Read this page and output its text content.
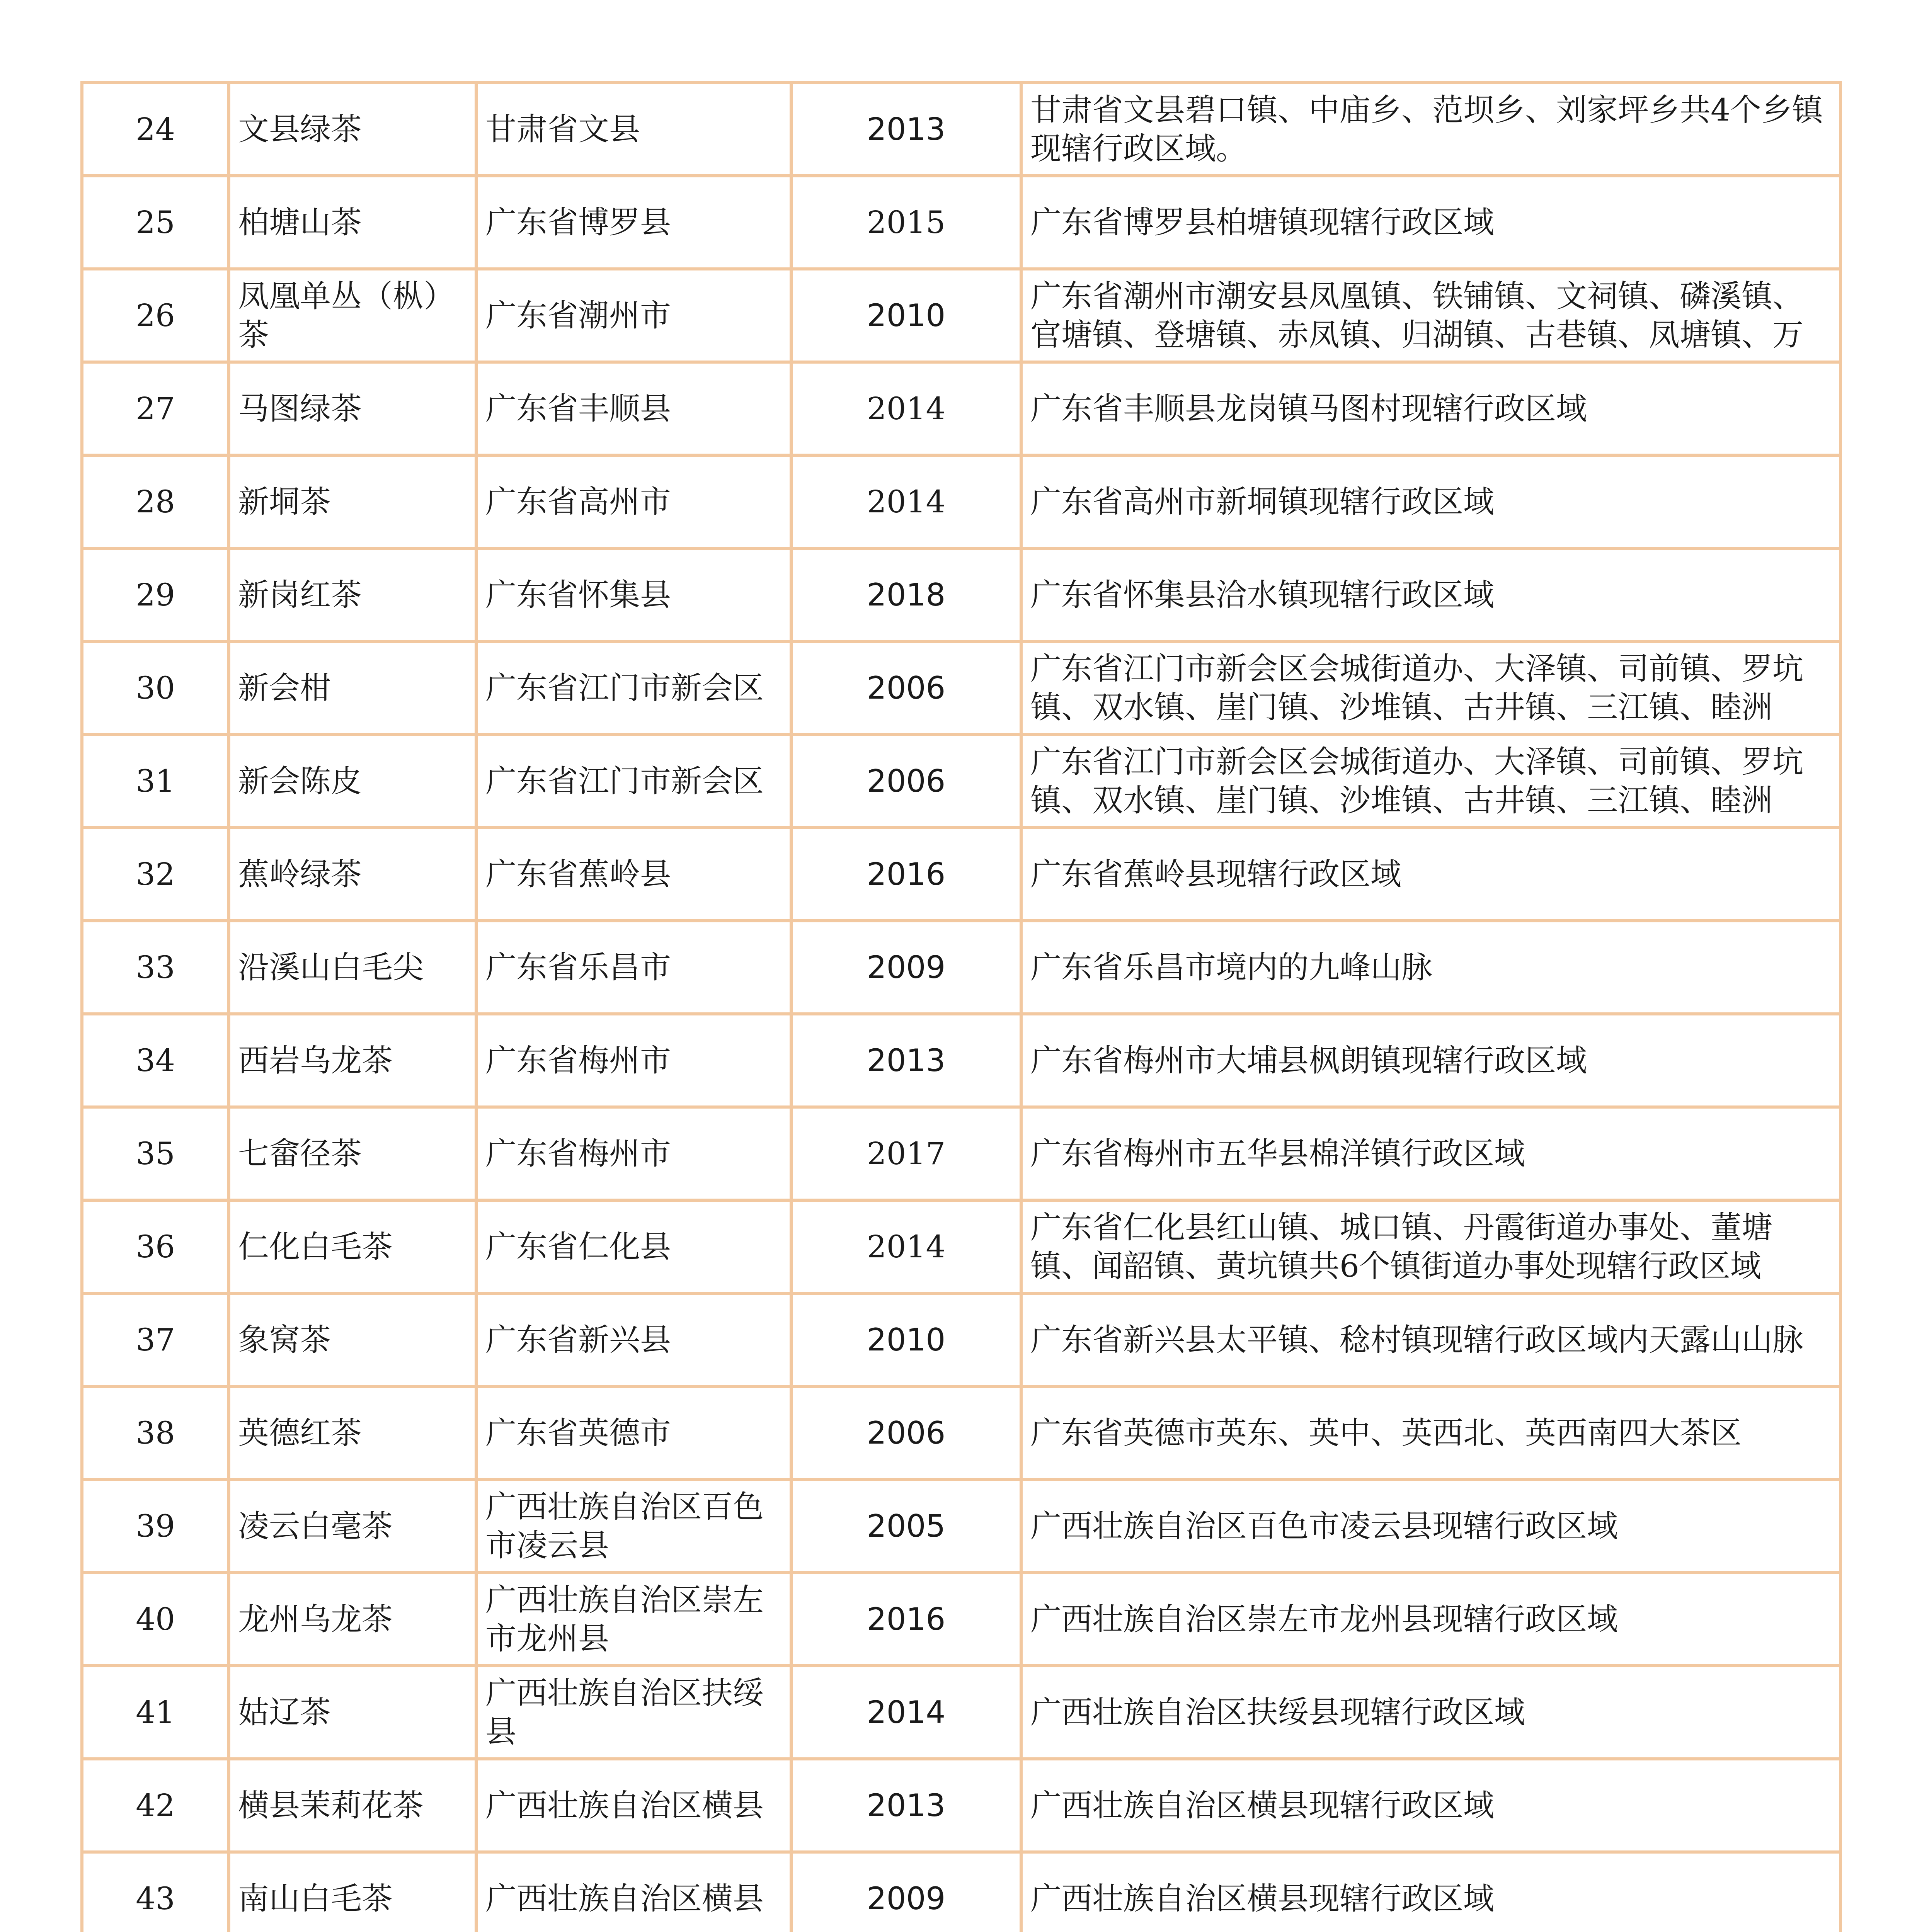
24	文县绿茶	甘肃省文县	2013	甘肃省文县碧口镇、中庙乡、范坝乡、刘家坪乡共4个乡镇现辖行政区域。

25	柏塘山茶	广东省博罗县	2015	广东省博罗县柏塘镇现辖行政区域

26	凤凰单丛（枞）茶	广东省潮州市	2010	广东省潮州市潮安县凤凰镇、铁铺镇、文祠镇、磷溪镇、官塘镇、登塘镇、赤凤镇、归湖镇、古巷镇、凤塘镇、万

27	马图绿茶	广东省丰顺县	2014	广东省丰顺县龙岗镇马图村现辖行政区域

28	新垌茶	广东省高州市	2014	广东省高州市新垌镇现辖行政区域

29	新岗红茶	广东省怀集县	2018	广东省怀集县洽水镇现辖行政区域

30	新会柑	广东省江门市新会区	2006	广东省江门市新会区会城街道办、大泽镇、司前镇、罗坑镇、双水镇、崖门镇、沙堆镇、古井镇、三江镇、睦洲

31	新会陈皮	广东省江门市新会区	2006	广东省江门市新会区会城街道办、大泽镇、司前镇、罗坑镇、双水镇、崖门镇、沙堆镇、古井镇、三江镇、睦洲

32	蕉岭绿茶	广东省蕉岭县	2016	广东省蕉岭县现辖行政区域

33	沿溪山白毛尖	广东省乐昌市	2009	广东省乐昌市境内的九峰山脉

34	西岩乌龙茶	广东省梅州市	2013	广东省梅州市大埔县枫朗镇现辖行政区域

35	七畲径茶	广东省梅州市	2017	广东省梅州市五华县棉洋镇行政区域

36	仁化白毛茶	广东省仁化县	2014	广东省仁化县红山镇、城口镇、丹霞街道办事处、董塘镇、闻韶镇、黄坑镇共6个镇街道办事处现辖行政区域

37	象窝茶	广东省新兴县	2010	广东省新兴县太平镇、稔村镇现辖行政区域内天露山山脉

38	英德红茶	广东省英德市	2006	广东省英德市英东、英中、英西北、英西南四大茶区

39	凌云白毫茶	广西壮族自治区百色市凌云县	2005	广西壮族自治区百色市凌云县现辖行政区域

40	龙州乌龙茶	广西壮族自治区崇左市龙州县	2016	广西壮族自治区崇左市龙州县现辖行政区域

41	姑辽茶	广西壮族自治区扶绥县	2014	广西壮族自治区扶绥县现辖行政区域

42	横县茉莉花茶	广西壮族自治区横县	2013	广西壮族自治区横县现辖行政区域

43	南山白毛茶	广西壮族自治区横县	2009	广西壮族自治区横县现辖行政区域
